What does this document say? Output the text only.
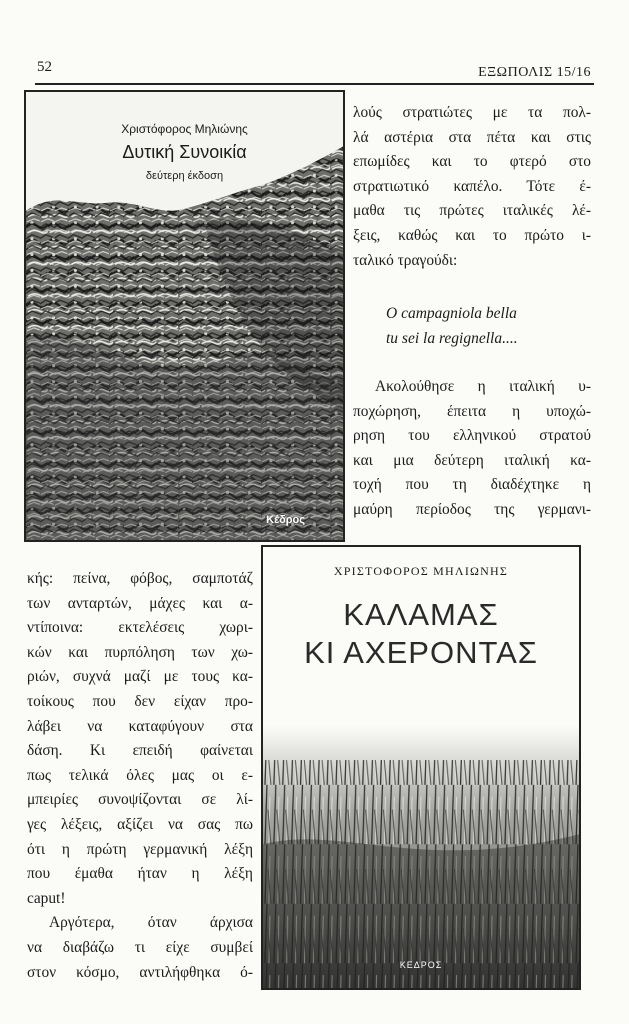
52	ΕΞΩΠΟΛΙΣ 15/16
Χριστόφορος Μηλιώνης
Δυτική Συνοικία
δεύτερη έκδοση
Κέδρος
λούς στρατιώτες με τα πολ-
λά αστέρια στα πέτα και στις
επωμίδες και το φτερό στο
στρατιωτικό καπέλο. Τότε έ-
μαθα τις πρώτες ιταλικές λέ-
ξεις, καθώς και το πρώτο ι-
ταλικό τραγούδι:
O campagniola bella
tu sei la regignella....
Ακολούθησε η ιταλική υ-
ποχώρηση, έπειτα η υποχώ-
ρηση του ελληνικού στρατού
και μια δεύτερη ιταλική κα-
τοχή που τη διαδέχτηκε η
μαύρη περίοδος της γερμανι-
ΧΡΙΣΤΟΦΟΡΟΣ ΜΗΛΙΩΝΗΣ
ΚΑΛΑΜΑΣ
ΚΙ ΑΧΕΡΟΝΤΑΣ
ΚΕΔΡΟΣ
κής: πείνα, φόβος, σαμποτάζ
των ανταρτών, μάχες και α-
ντίποινα: εκτελέσεις χωρι-
κών και πυρπόληση των χω-
ριών, συχνά μαζί με τους κα-
τοίκους που δεν είχαν προ-
λάβει να καταφύγουν στα
δάση. Κι επειδή φαίνεται
πως τελικά όλες μας οι ε-
μπειρίες συνοψίζονται σε λί-
γες λέξεις, αξίζει να σας πω
ότι η πρώτη γερμανική λέξη
που έμαθα ήταν η λέξη
caput!
Αργότερα, όταν άρχισα
να διαβάζω τι είχε συμβεί
στον κόσμο, αντιλήφθηκα ό-
